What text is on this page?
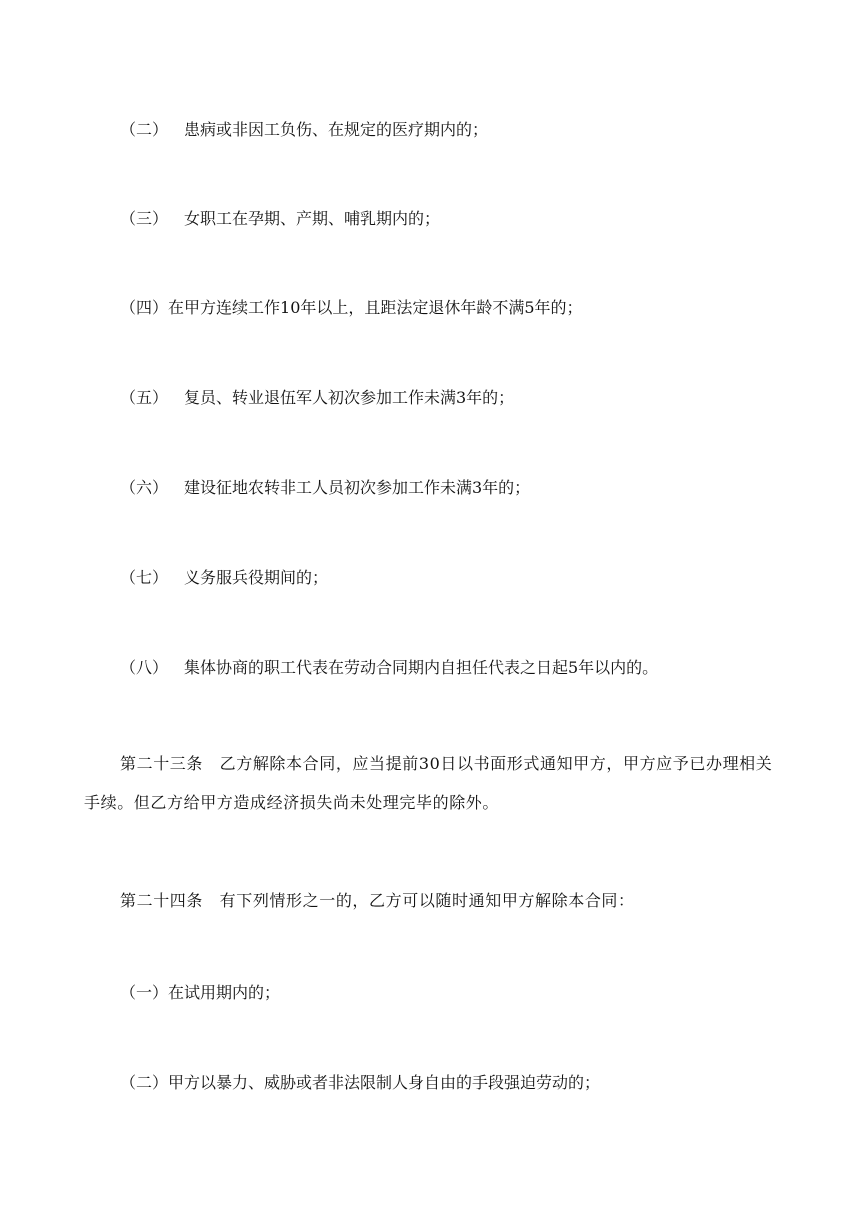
（二） 患病或非因工负伤、在规定的医疗期内的；
（三） 女职工在孕期、产期、哺乳期内的；
（四）在甲方连续工作10年以上，且距法定退休年龄不满5年的；
（五） 复员、转业退伍军人初次参加工作未满3年的；
（六） 建设征地农转非工人员初次参加工作未满3年的；
（七） 义务服兵役期间的；
（八） 集体协商的职工代表在劳动合同期内自担任代表之日起5年以内的。
第二十三条　 乙方解除本合同，应当提前30日以书面形式通知甲方，甲方应予已办理相关手续。但乙方给甲方造成经济损失尚未处理完毕的除外。
第二十四条　 有下列情形之一的，乙方可以随时通知甲方解除本合同：
（一）在试用期内的；
（二）甲方以暴力、威胁或者非法限制人身自由的手段强迫劳动的；
